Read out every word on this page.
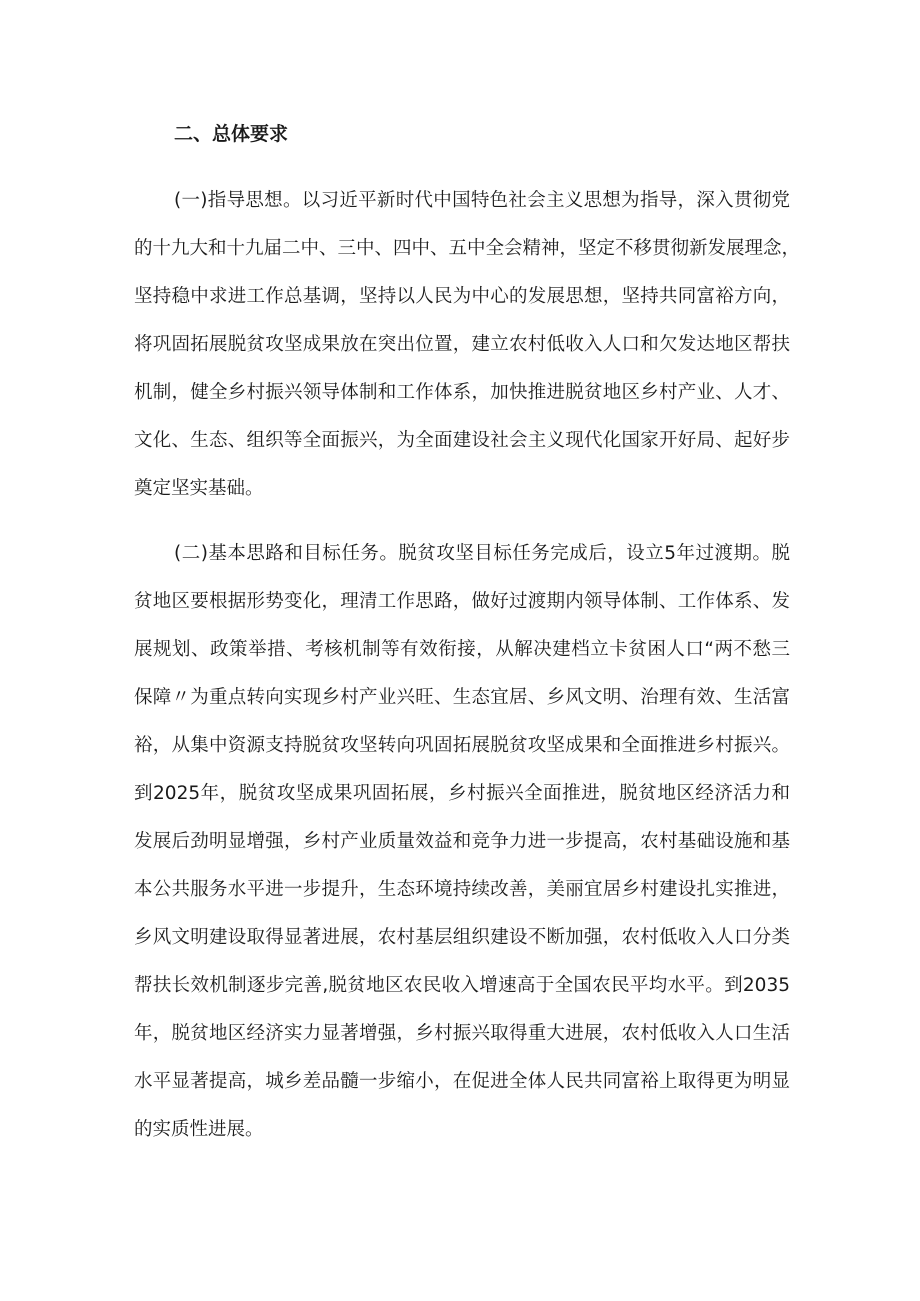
二、总体要求
(一)指导思想。以习近平新时代中国特色社会主义思想为指导，深入贯彻党
的十九大和十九届二中、三中、四中、五中全会精神，坚定不移贯彻新发展理念，
坚持稳中求进工作总基调，坚持以人民为中心的发展思想，坚持共同富裕方向，
将巩固拓展脱贫攻坚成果放在突出位置，建立农村低收入人口和欠发达地区帮扶
机制，健全乡村振兴领导体制和工作体系，加快推进脱贫地区乡村产业、人才、
文化、生态、组织等全面振兴，为全面建设社会主义现代化国家开好局、起好步
奠定坚实基础。
(二)基本思路和目标任务。脱贫攻坚目标任务完成后，设立5年过渡期。脱
贫地区要根据形势变化，理清工作思路，做好过渡期内领导体制、工作体系、发
展规划、政策举措、考核机制等有效衔接，从解决建档立卡贫困人口“两不愁三
保障〃为重点转向实现乡村产业兴旺、生态宜居、乡风文明、治理有效、生活富
裕，从集中资源支持脱贫攻坚转向巩固拓展脱贫攻坚成果和全面推进乡村振兴。
到2025年，脱贫攻坚成果巩固拓展，乡村振兴全面推进，脱贫地区经济活力和
发展后劲明显增强，乡村产业质量效益和竞争力进一步提高，农村基础设施和基
本公共服务水平进一步提升，生态环境持续改善，美丽宜居乡村建设扎实推进，
乡风文明建设取得显著进展，农村基层组织建设不断加强，农村低收入人口分类
帮扶长效机制逐步完善,脱贫地区农民收入增速高于全国农民平均水平。到2035
年，脱贫地区经济实力显著增强，乡村振兴取得重大进展，农村低收入人口生活
水平显著提高，城乡差品髓一步缩小，在促进全体人民共同富裕上取得更为明显
的实质性进展。
